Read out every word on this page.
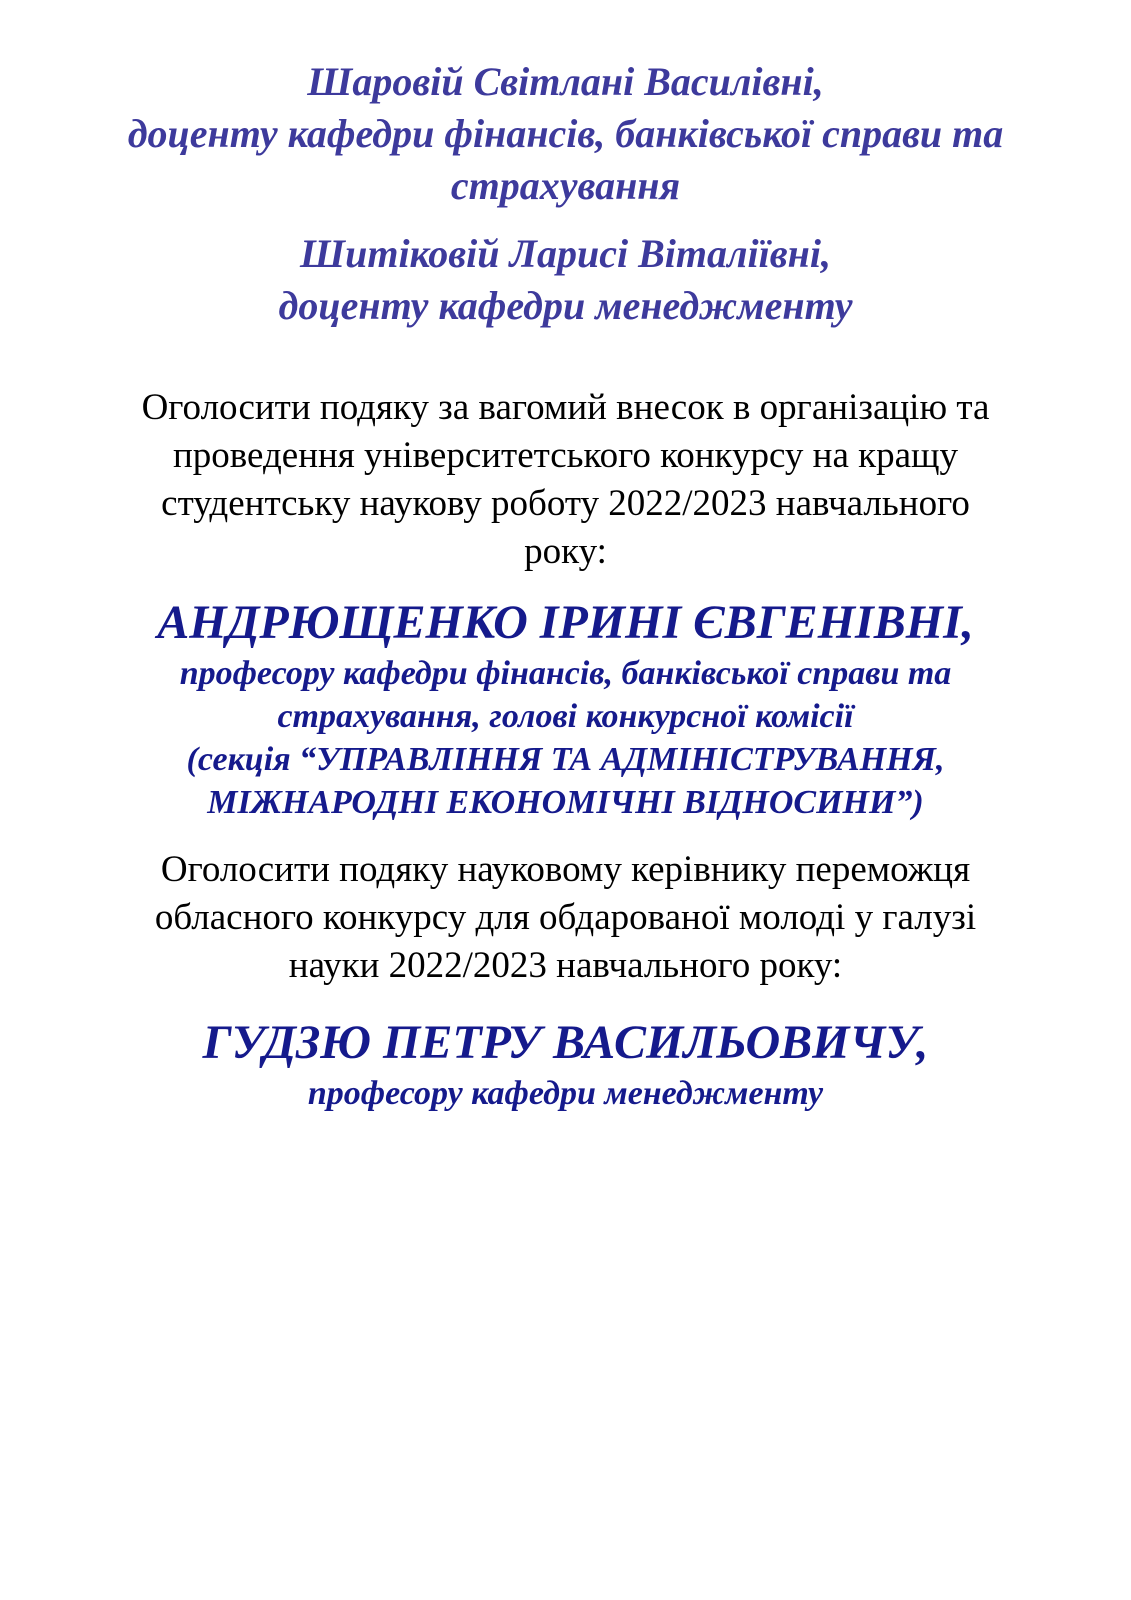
Шаровій Світлані Василівні,
доценту кафедри фінансів, банківської справи та
страхування
Шитіковій Ларисі Віталіївні,
доценту кафедри менеджменту
Оголосити подяку за вагомий внесок в організацію та
проведення університетського конкурсу на кращу
студентську наукову роботу 2022/2023 навчального
року:
АНДРЮЩЕНКО ІРИНІ ЄВГЕНІВНІ,
професору кафедри фінансів, банківської справи та
страхування, голові конкурсної комісії
(секція “УПРАВЛІННЯ ТА АДМІНІСТРУВАННЯ,
МІЖНАРОДНІ ЕКОНОМІЧНІ ВІДНОСИНИ”)
Оголосити подяку науковому керівнику переможця
обласного конкурсу для обдарованої молоді у галузі
науки 2022/2023 навчального року:
ГУДЗЮ ПЕТРУ ВАСИЛЬОВИЧУ,
професору кафедри менеджменту
